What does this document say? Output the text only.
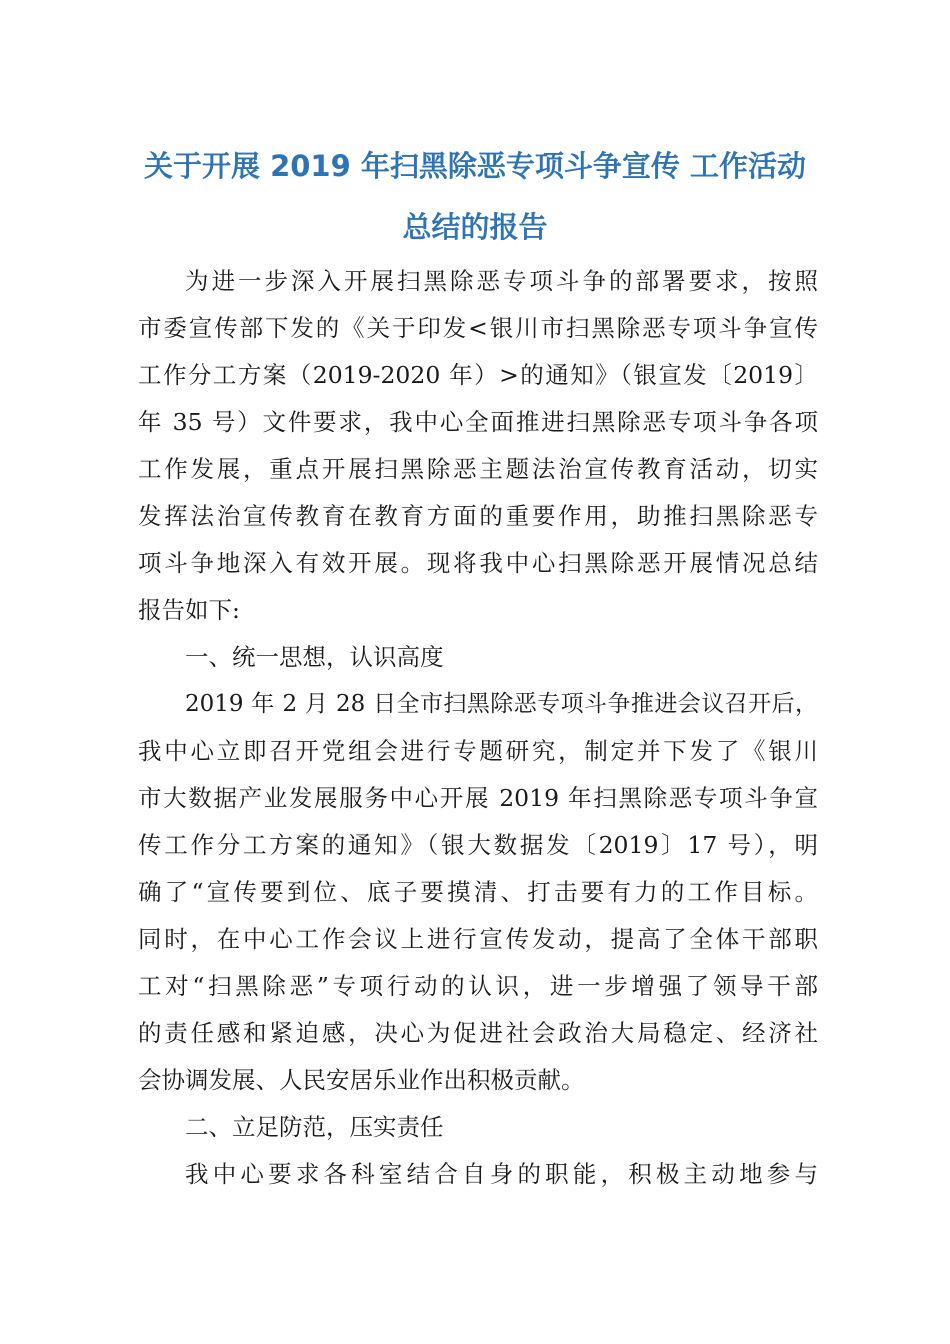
关于开展 2019 年扫黑除恶专项斗争宣传 工作活动
总结的报告
为进一步深入开展扫黑除恶专项斗争的部署要求，按照
市委宣传部下发的《关于印发<银川市扫黑除恶专项斗争宣传
工作分工方案（2019-2020 年）>的通知》（银宣发〔2019〕
年 35 号）文件要求，我中心全面推进扫黑除恶专项斗争各项
工作发展，重点开展扫黑除恶主题法治宣传教育活动，切实
发挥法治宣传教育在教育方面的重要作用，助推扫黑除恶专
项斗争地深入有效开展。现将我中心扫黑除恶开展情况总结
报告如下:
一、统一思想，认识高度
2019 年 2 月 28 日全市扫黑除恶专项斗争推进会议召开后，
我中心立即召开党组会进行专题研究，制定并下发了《银川
市大数据产业发展服务中心开展 2019 年扫黑除恶专项斗争宣
传工作分工方案的通知》（银大数据发〔2019〕17 号），明
确了“宣传要到位、底子要摸清、打击要有力的工作目标。
同时，在中心工作会议上进行宣传发动，提高了全体干部职
工对“扫黑除恶”专项行动的认识，进一步增强了领导干部
的责任感和紧迫感，决心为促进社会政治大局稳定、经济社
会协调发展、人民安居乐业作出积极贡献。
二、立足防范，压实责任
我中心要求各科室结合自身的职能，积极主动地参与
